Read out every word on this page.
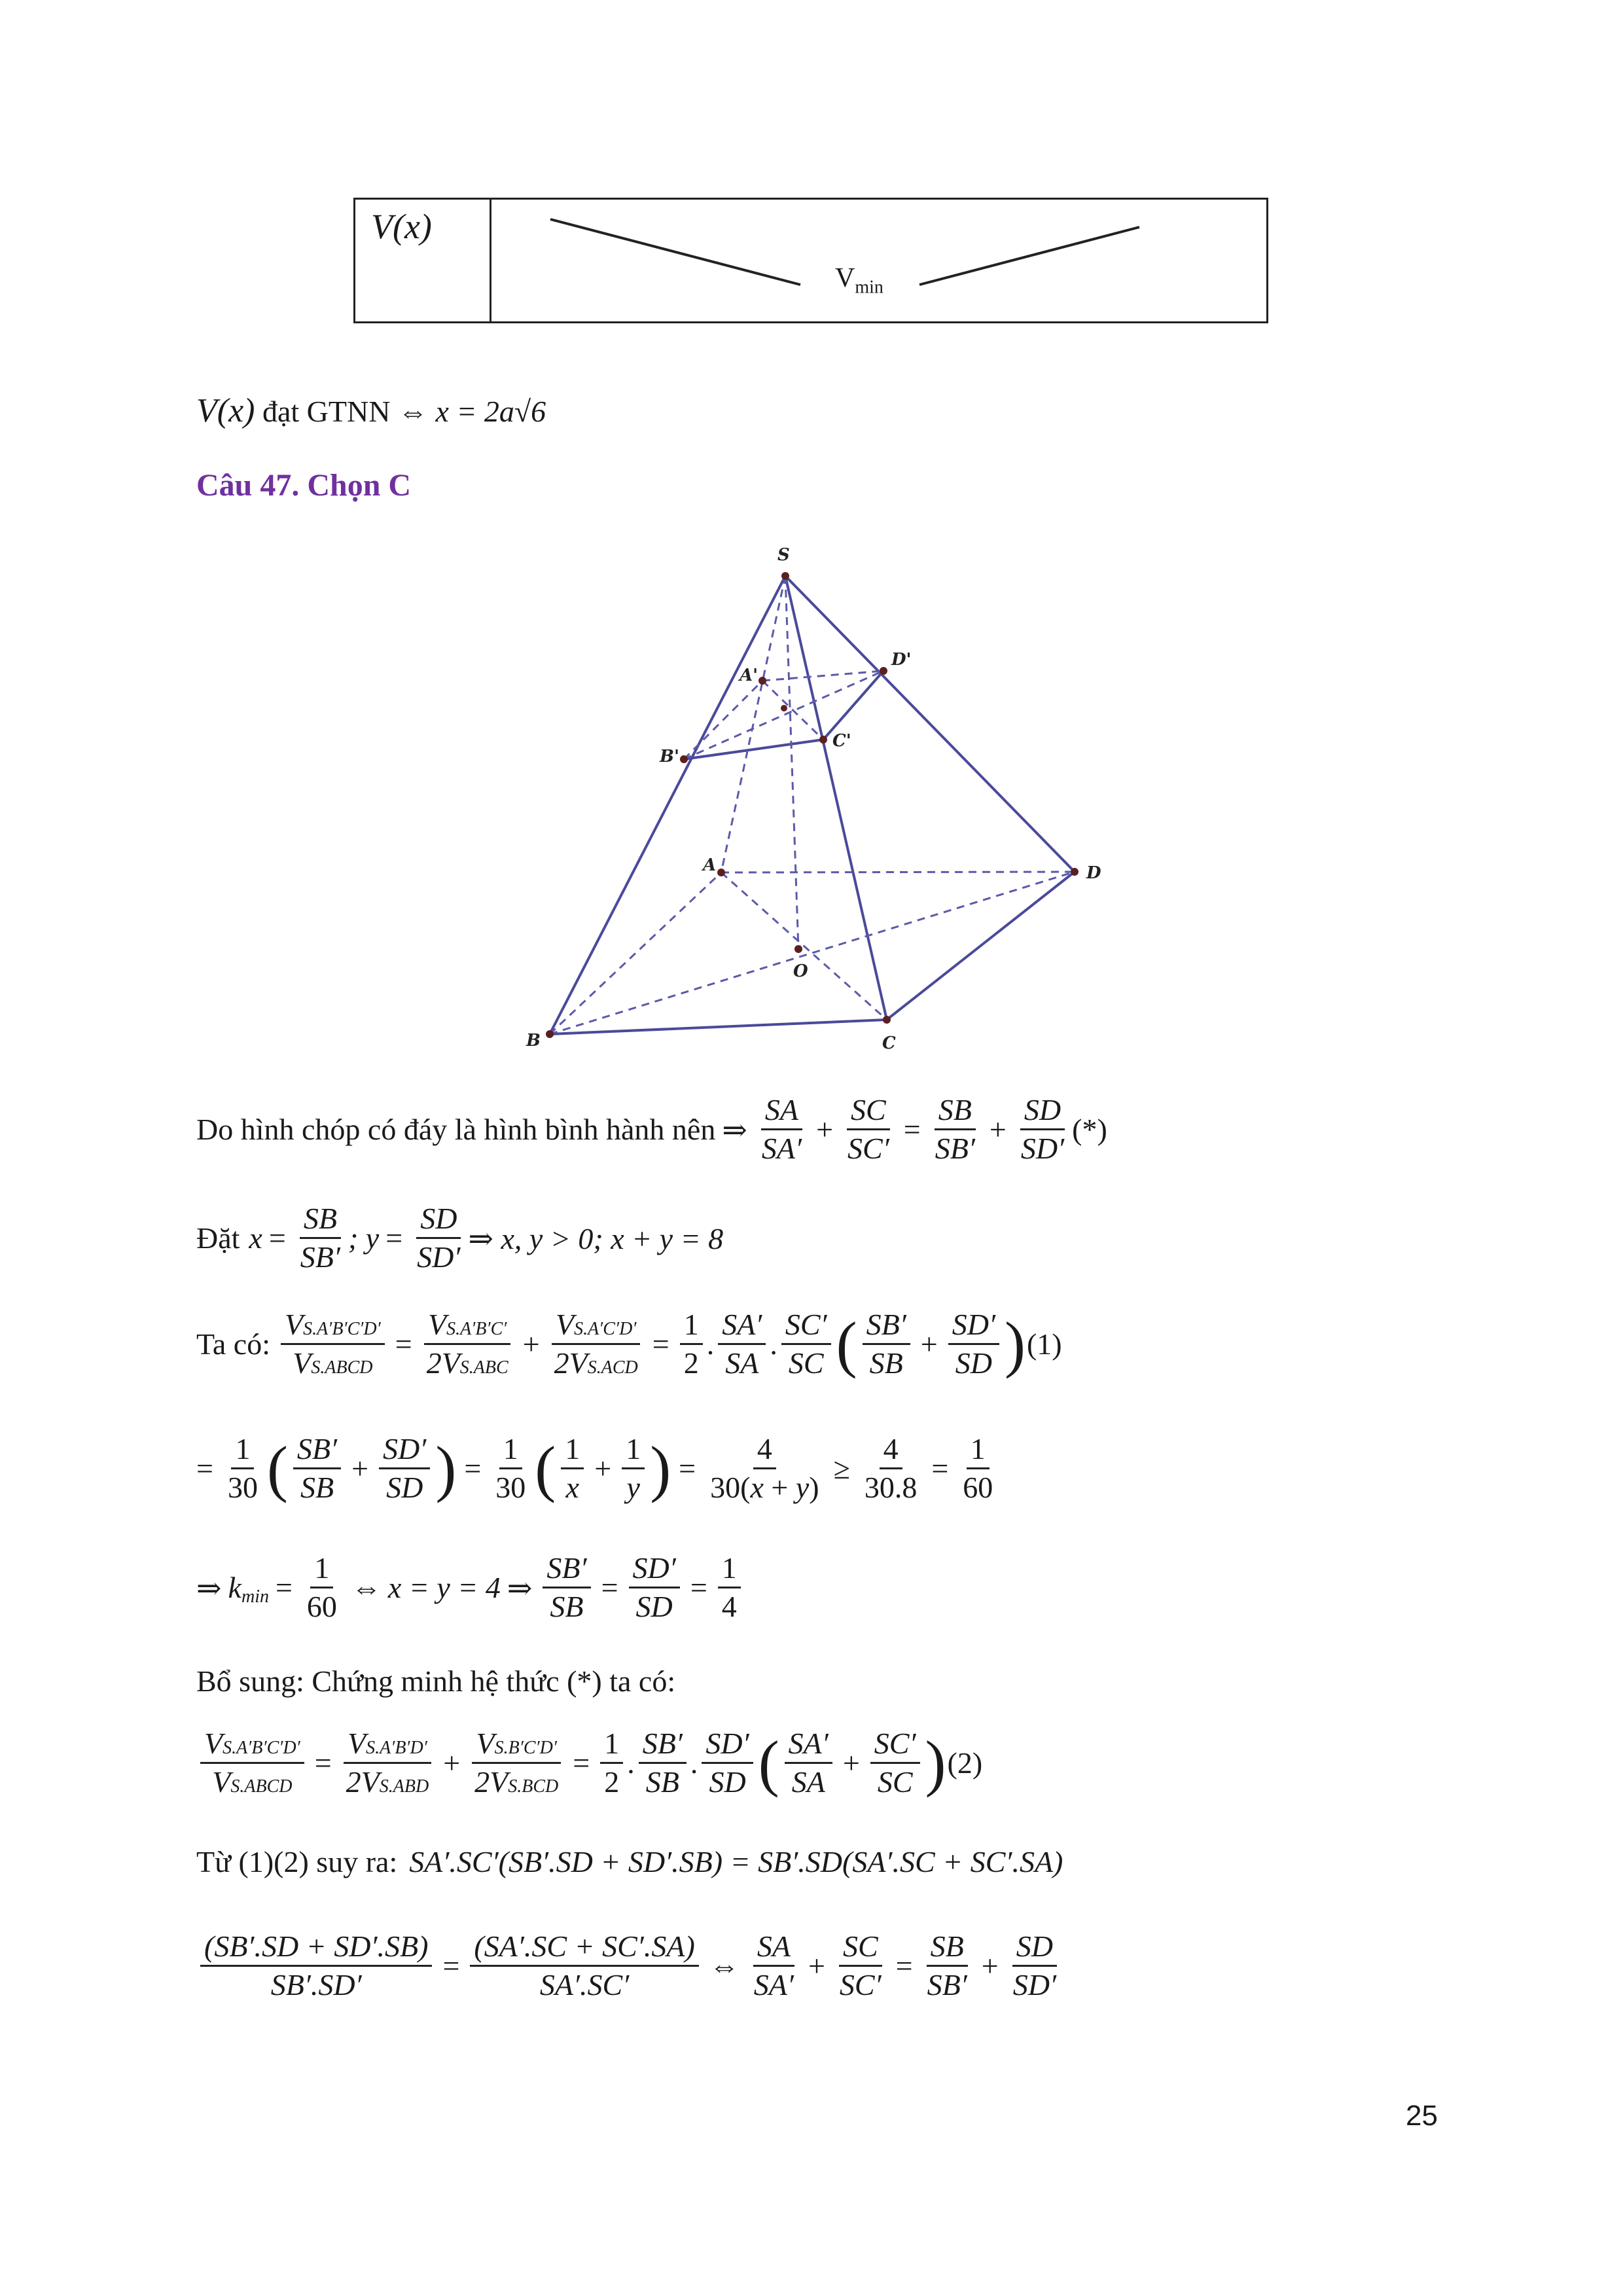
V(x)
$V_{min}$
V(x) đạt GTNN ⇔ x = 2a√6
Câu 47. Chọn C
S
D'
A'
B'
C'
A	D
O
B	C
Do hình chóp có đáy là hình bình hành nên ⇒ $\frac{SA}{SA'} + \frac{SC}{SC'} = \frac{SB}{SB'} + \frac{SD}{SD'}$ (*)
Đặt $x = \frac{SB}{SB'}$ ; $y = \frac{SD}{SD'}$ ⇒ x, y > 0; x + y = 8
Ta có: $\frac{VS.A'B'C'D'}{\text{VS.ABCD}} = \frac{VS.A'B'C'}{\text{2VS.ABC}} + \frac{VS.A'C'D'}{\text{2VS.ACD}} = \frac{1}{2}$ . $\frac{SA'}{SA}$ . $\frac{SC'}{SC}$ ( $\frac{SB'}{SB} + \frac{SD'}{SD}$ ) (1)
= $\frac{1}{30}$ ( $\frac{SB'}{SB} + \frac{SD'}{SD}$ ) = $\frac{1}{30}$ ( $\frac{1}{x} + \frac{1}{y}$ ) = $\frac{4}{30(x + y)} \ge \frac{4}{30.8} = \frac{1}{60}$
⇒ k $\min = \frac{1}{60}$ ⇔ x = y = 4 ⇒ $\frac{SB'}{SB} = \frac{SD'}{SD} = \frac{1}{4}$
Bổ sung: Chứng minh hệ thức (*) ta có:
$\frac{VS.A'B'C'D'}{\text{VS.ABCD}} = \frac{VS.A'B'D'}{\text{2VS.ABD}} + \frac{VS.B'C'D'}{\text{2VS.BCD}} = \frac{1}{2}$ . $\frac{SB'}{SB}$ . $\frac{SD'}{SD}$ ( $\frac{SA'}{SA} + \frac{SC'}{SC}$ ) (2)
Từ (1)(2) suy ra: SA′.SC′(SB′.SD + SD′.SB) = SB′.SD(SA′.SC + SC′.SA)
$\frac{(SB'.SD + SD'.SB)}{SB'.SD'} = \frac{(SA'.SC + SC'.SA)}{SA'.SC'}$ ⇔ $\frac{SA}{SA'} + \frac{SC}{SC'} = \frac{SB}{SB'} + \frac{SD}{SD'}$
25
